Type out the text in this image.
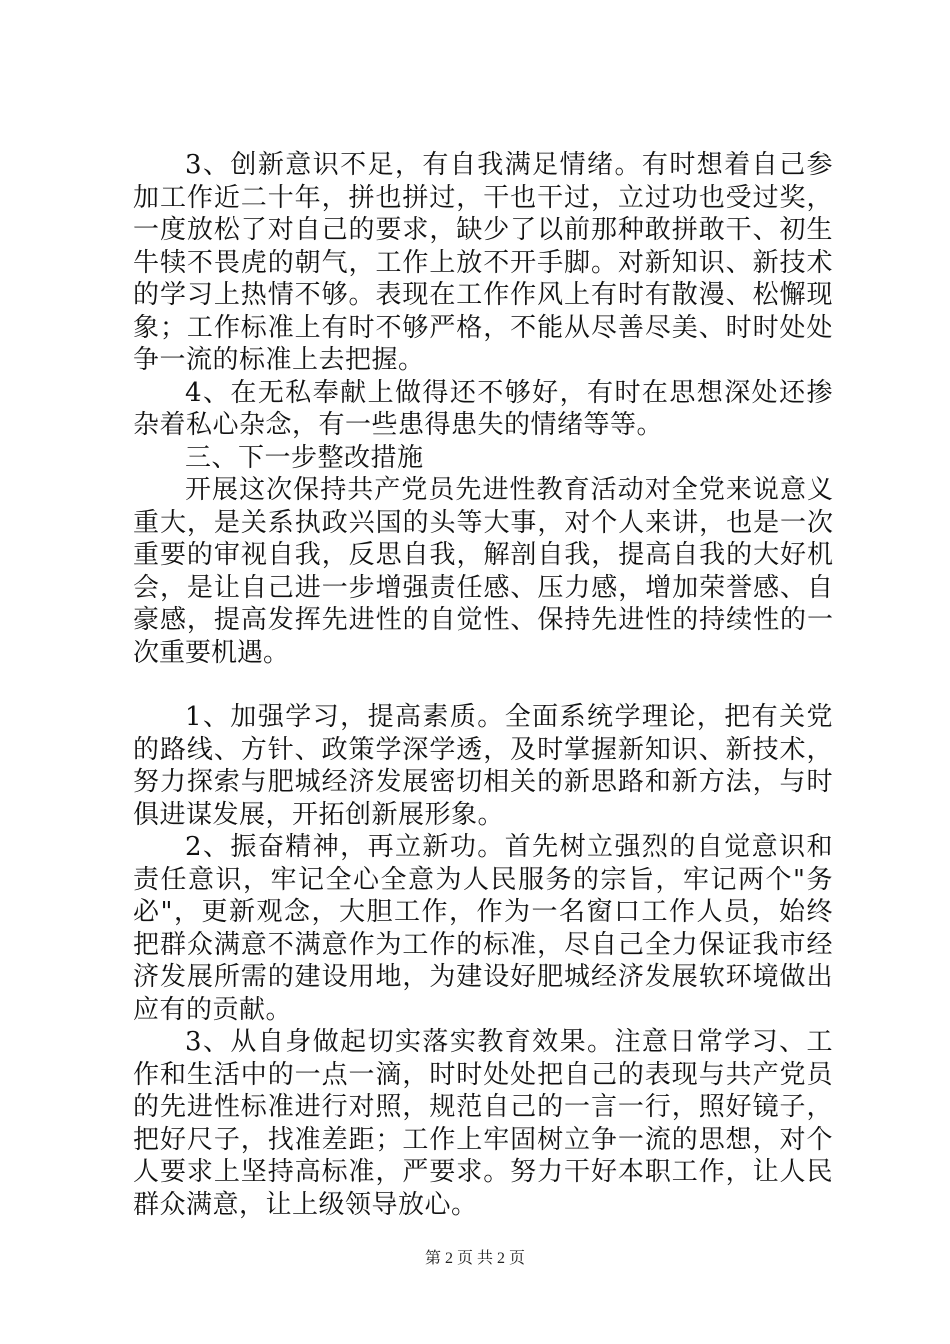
3、创新意识不足，有自我满足情绪。有时想着自己参加工作近二十年，拼也拼过，干也干过，立过功也受过奖，一度放松了对自己的要求，缺少了以前那种敢拼敢干、初生牛犊不畏虎的朝气，工作上放不开手脚。对新知识、新技术的学习上热情不够。表现在工作作风上有时有散漫、松懈现象；工作标准上有时不够严格，不能从尽善尽美、时时处处争一流的标准上去把握。

4、在无私奉献上做得还不够好，有时在思想深处还掺杂着私心杂念，有一些患得患失的情绪等等。

三、下一步整改措施

开展这次保持共产党员先进性教育活动对全党来说意义重大，是关系执政兴国的头等大事，对个人来讲，也是一次重要的审视自我，反思自我，解剖自我，提高自我的大好机会，是让自己进一步增强责任感、压力感，增加荣誉感、自豪感，提高发挥先进性的自觉性、保持先进性的持续性的一次重要机遇。

1、加强学习，提高素质。全面系统学理论，把有关党的路线、方针、政策学深学透，及时掌握新知识、新技术，努力探索与肥城经济发展密切相关的新思路和新方法，与时俱进谋发展，开拓创新展形象。

2、振奋精神，再立新功。首先树立强烈的自觉意识和责任意识，牢记全心全意为人民服务的宗旨，牢记两个"务必"，更新观念，大胆工作，作为一名窗口工作人员，始终把群众满意不满意作为工作的标准，尽自己全力保证我市经济发展所需的建设用地，为建设好肥城经济发展软环境做出应有的贡献。

3、从自身做起切实落实教育效果。注意日常学习、工作和生活中的一点一滴，时时处处把自己的表现与共产党员的先进性标准进行对照，规范自己的一言一行，照好镜子，把好尺子，找准差距；工作上牢固树立争一流的思想，对个人要求上坚持高标准，严要求。努力干好本职工作，让人民群众满意，让上级领导放心。

第 2 页 共 2 页
